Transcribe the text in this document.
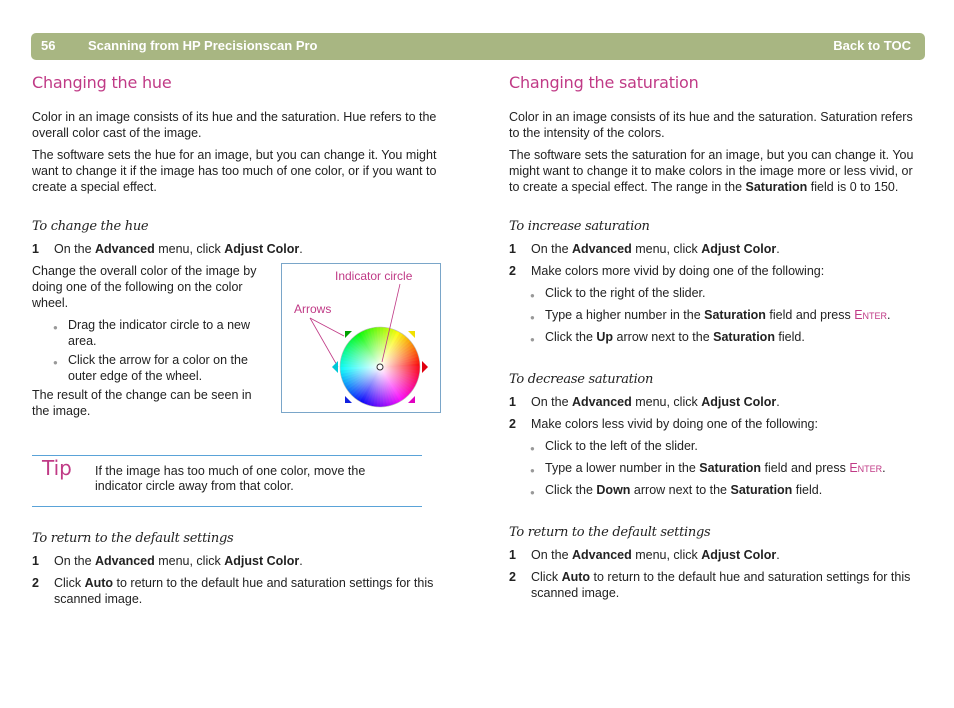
56	Scanning from HP Precisionscan Pro	Back to TOC
Changing the hue

Color in an image consists of its hue and the saturation. Hue refers to the overall color cast of the image.

The software sets the hue for an image, but you can change it. You might want to change it if the image has too much of one color, or if you want to create a special effect.

To change the hue
1	On the Advanced menu, click Adjust Color.

Change the overall color of the image by doing one of the following on the color wheel.

● Drag the indicator circle to a new area.
● Click the arrow for a color on the outer edge of the wheel.

The result of the change can be seen in the image.

Indicator circle
Arrows
Tip If the image has too much of one color, move the indicator circle away from that color.
To return to the default settings
1	On the Advanced menu, click Adjust Color.
2	Click Auto to return to the default hue and saturation settings for this scanned image.
Changing the saturation

Color in an image consists of its hue and the saturation. Saturation refers to the intensity of the colors.

The software sets the saturation for an image, but you can change it. You might want to change it to make colors in the image more or less vivid, or to create a special effect. The range in the Saturation field is 0 to 150.

To increase saturation
1	On the Advanced menu, click Adjust Color.
2	Make colors more vivid by doing one of the following:
● Click to the right of the slider.
● Type a higher number in the Saturation field and press Enter.
● Click the Up arrow next to the Saturation field.
To decrease saturation
1	On the Advanced menu, click Adjust Color.
2	Make colors less vivid by doing one of the following:
● Click to the left of the slider.
● Type a lower number in the Saturation field and press Enter.
● Click the Down arrow next to the Saturation field.
To return to the default settings
1	On the Advanced menu, click Adjust Color.
2	Click Auto to return to the default hue and saturation settings for this scanned image.
